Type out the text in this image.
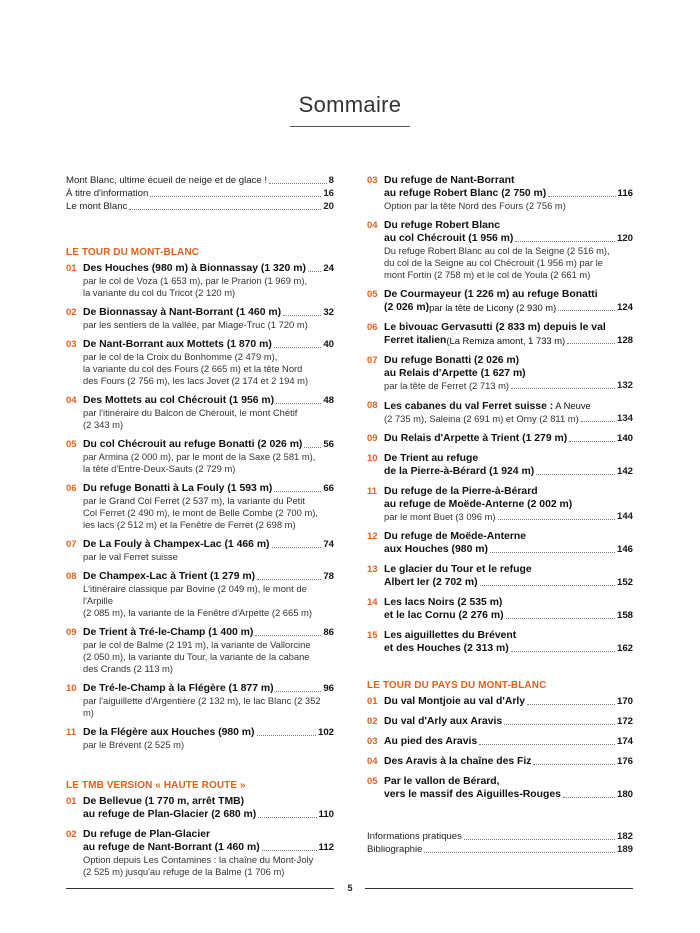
Sommaire
Mont Blanc, ultime écueil de neige et de glace !	8
À titre d'information	16
Le mont Blanc	20
LE TOUR DU MONT-BLANC
01 Des Houches (980 m) à Bionnassay (1 320 m) 24
par le col de Voza (1 653 m), par le Prarion (1 969 m),
la variante du col du Tricot (2 120 m)
02 De Bionnassay à Nant-Borrant (1 460 m)	32
par les sentiers de la vallée, par Miage-Truc (1 720 m)
03 De Nant-Borrant aux Mottets (1 870 m)	40
par le col de la Croix du Bonhomme (2 479 m),
la variante du col des Fours (2 665 m) et la tête Nord
des Fours (2 756 m), les lacs Jovet (2 174 et 2 194 m)
04 Des Mottets au col Chécrouit (1 956 m)	48
par l'itinéraire du Balcon de Chérouit, le mont Chétif
(2 343 m)
05 Du col Chécrouit au refuge Bonatti (2 026 m) 56
par Armina (2 000 m), par le mont de la Saxe (2 581 m),
la tête d'Entre-Deux-Sauts (2 729 m)
06 Du refuge Bonatti à La Fouly (1 593 m)	66
par le Grand Col Ferret (2 537 m), la variante du Petit
Col Ferret (2 490 m), le mont de Belle Combe (2 700 m),
les lacs (2 512 m) et la Fenêtre de Ferret (2 698 m)
07 De La Fouly à Champex-Lac (1 466 m)	74
par le val Ferret suisse
08 De Champex-Lac à Trient (1 279 m)	78
L'itinéraire classique par Bovine (2 049 m), le mont de l'Arpille
(2 085 m), la variante de la Fenêtre d'Arpette (2 665 m)
09 De Trient à Tré-le-Champ (1 400 m)	86
par le col de Balme (2 191 m), la variante de Vallorcine
(2 050 m), la variante du Tour, la variante de la cabane
des Crands (2 113 m)
10 De Tré-le-Champ à la Flégère (1 877 m)	96
par l'aiguillette d'Argentière (2 132 m), le lac Blanc (2 352 m)
11 De la Flégère aux Houches (980 m)	102
par le Brévent (2 525 m)
LE TMB VERSION « HAUTE ROUTE »
01 De Bellevue (1 770 m, arrêt TMB)
au refuge de Plan-Glacier (2 680 m)	110
02 Du refuge de Plan-Glacier
au refuge de Nant-Borrant (1 460 m)	112
Option depuis Les Contamines : la chaîne du Mont-Joly
(2 525 m) jusqu'au refuge de la Balme (1 706 m)
03 Du refuge de Nant-Borrant
au refuge Robert Blanc (2 750 m)	116
Option par la tête Nord des Fours (2 756 m)
04 Du refuge Robert Blanc
au col Chécrouit (1 956 m)	120
Du refuge Robert Blanc au col de la Seigne (2 516 m),
du col de la Seigne au col Chécrouit (1 956 m) par le
mont Fortin (2 758 m) et le col de Youla (2 661 m)
05 De Courmayeur (1 226 m) au refuge Bonatti
(2 026 m) par la tête de Licony (2 930 m)	124
06 Le bivouac Gervasutti (2 833 m) depuis le val
Ferret italien (La Remiza amont, 1 733 m)	128
07 Du refuge Bonatti (2 026 m)
au Relais d'Arpette (1 627 m)
par la tête de Ferret (2 713 m)	132
08 Les cabanes du val Ferret suisse : A Neuve
(2 735 m), Saleina (2 691 m) et Orny (2 811 m)	134
09 Du Relais d'Arpette à Trient (1 279 m)	140
10 De Trient au refuge
de la Pierre-à-Bérard (1 924 m)	142
11 Du refuge de la Pierre-à-Bérard
au refuge de Moëde-Anterne (2 002 m)
par le mont Buet (3 096 m)	144
12 Du refuge de Moëde-Anterne
aux Houches (980 m)	146
13 Le glacier du Tour et le refuge
Albert Ier (2 702 m)	152
14 Les lacs Noirs (2 535 m)
et le lac Cornu (2 276 m)	158
15 Les aiguillettes du Brévent
et des Houches (2 313 m)	162
LE TOUR DU PAYS DU MONT-BLANC
01 Du val Montjoie au val d'Arly	170
02 Du val d'Arly aux Aravis	172
03 Au pied des Aravis	174
04 Des Aravis à la chaîne des Fiz	176
05 Par le vallon de Bérard,
vers le massif des Aiguilles-Rouges	180
Informations pratiques	182
Bibliographie	189
5
